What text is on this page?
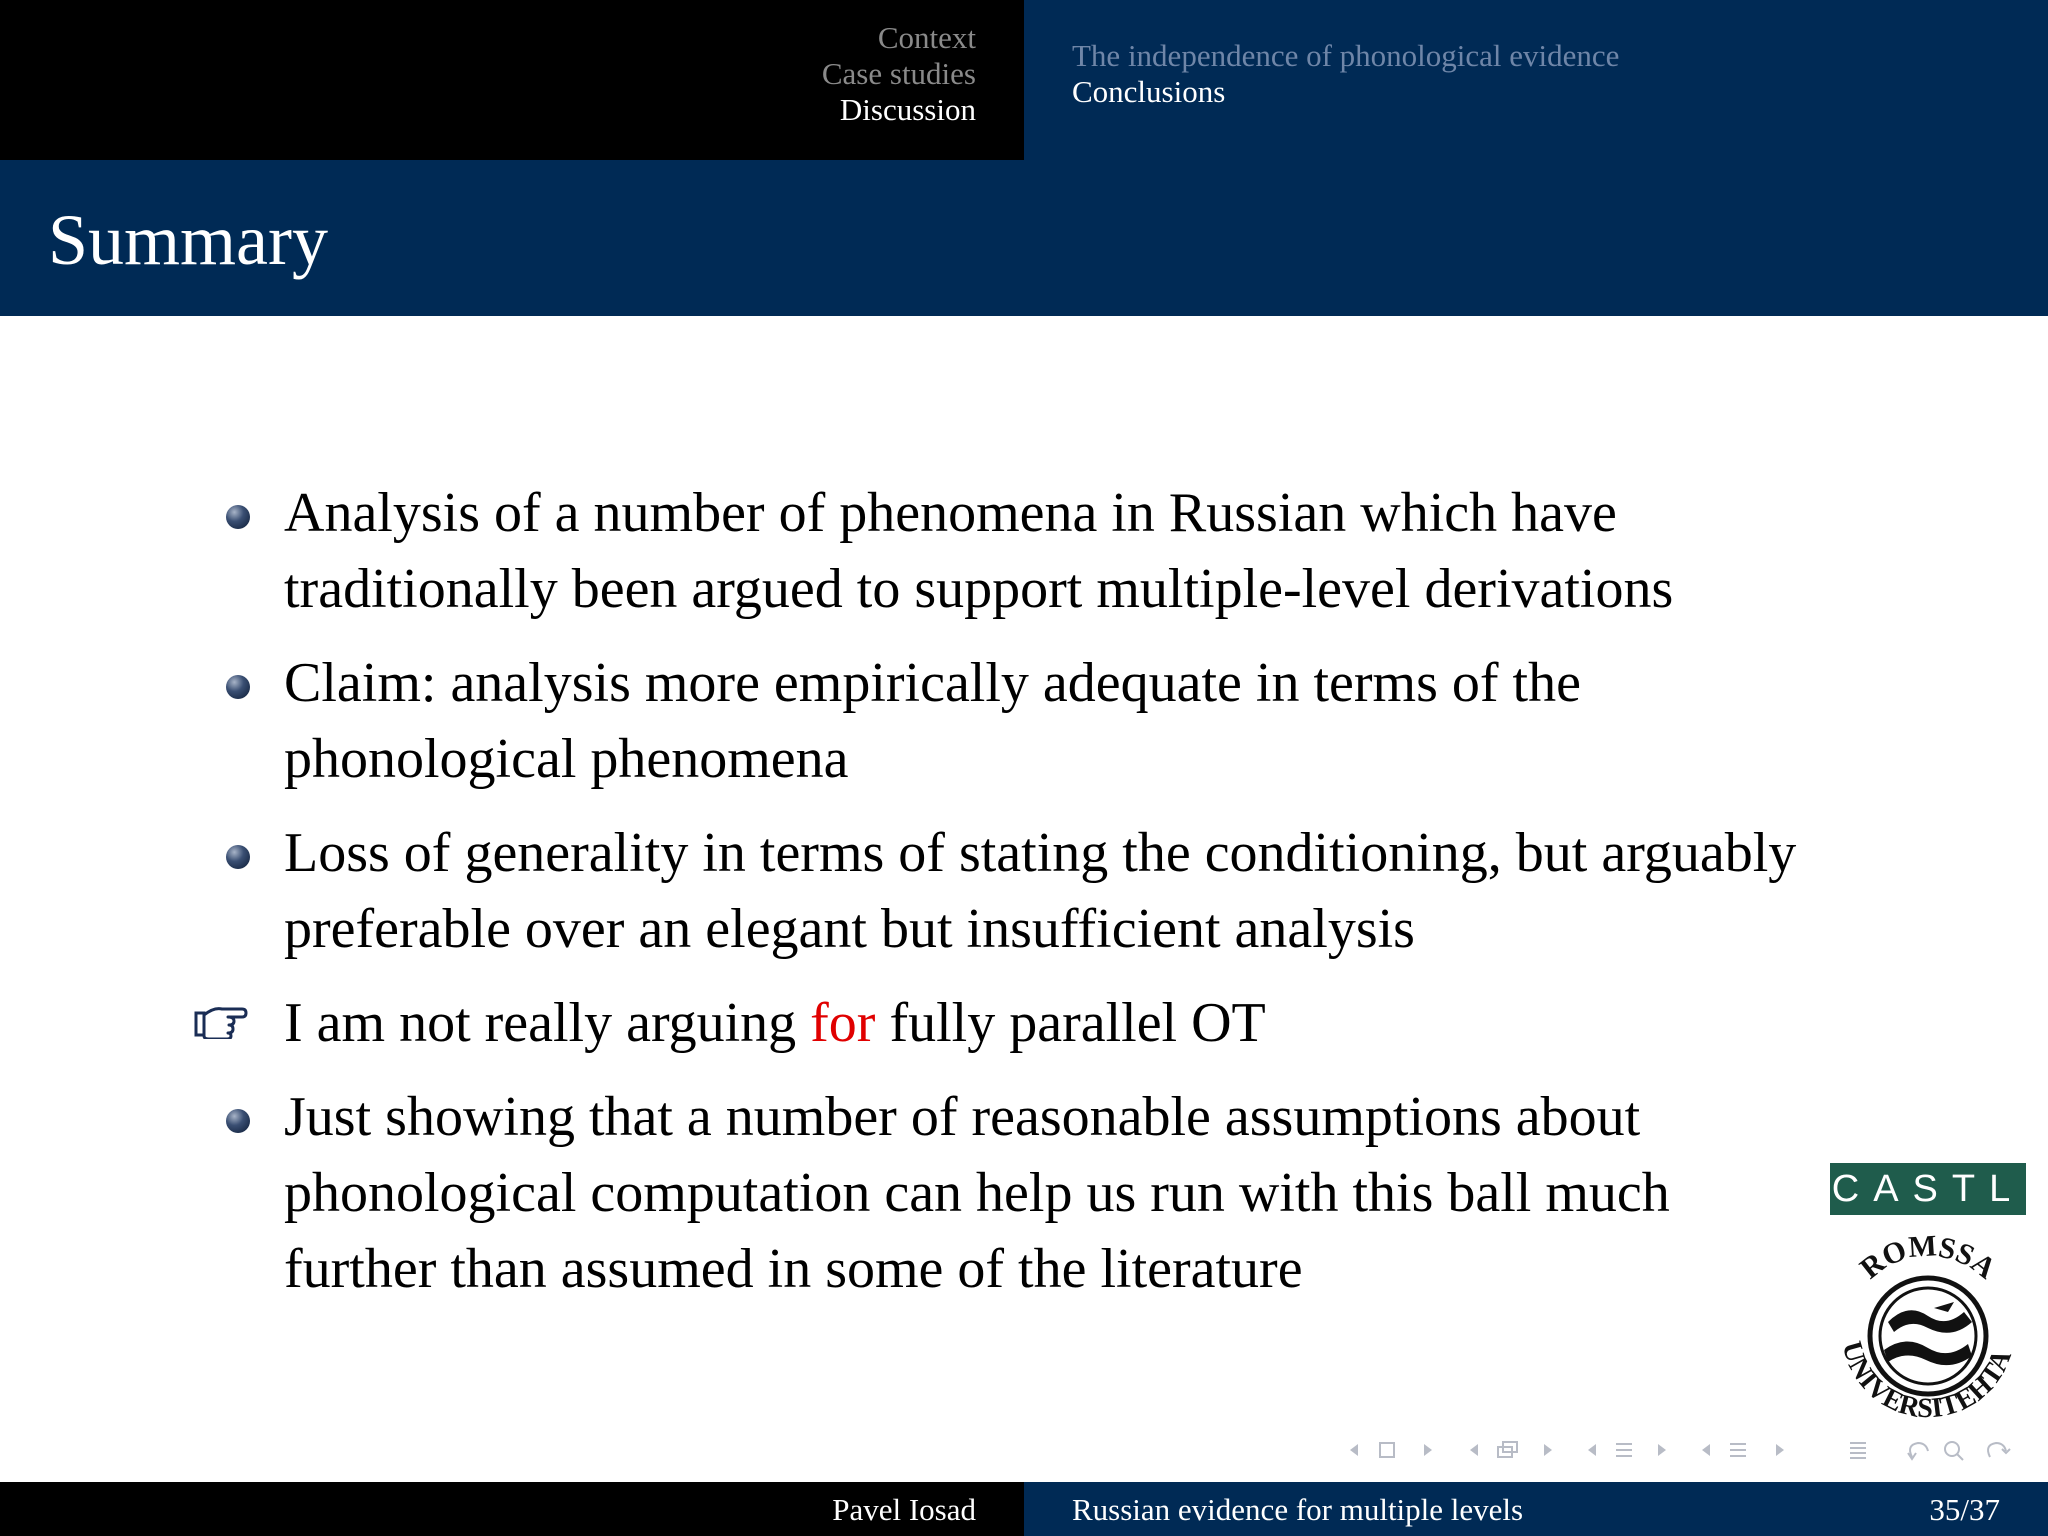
Context
Case studies
Discussion
The independence of phonological evidence
Conclusions
Summary
Analysis of a number of phenomena in Russian which have traditionally been argued to support multiple-level derivations
Claim: analysis more empirically adequate in terms of the phonological phenomena
Loss of generality in terms of stating the conditioning, but arguably preferable over an elegant but insufficient analysis
I am not really arguing for fully parallel OT
Just showing that a number of reasonable assumptions about phonological computation can help us run with this ball much further than assumed in some of the literature
CASTL
ROMSSA
UNIVERSITEHTA
Pavel Iosad	Russian evidence for multiple levels	35/37
